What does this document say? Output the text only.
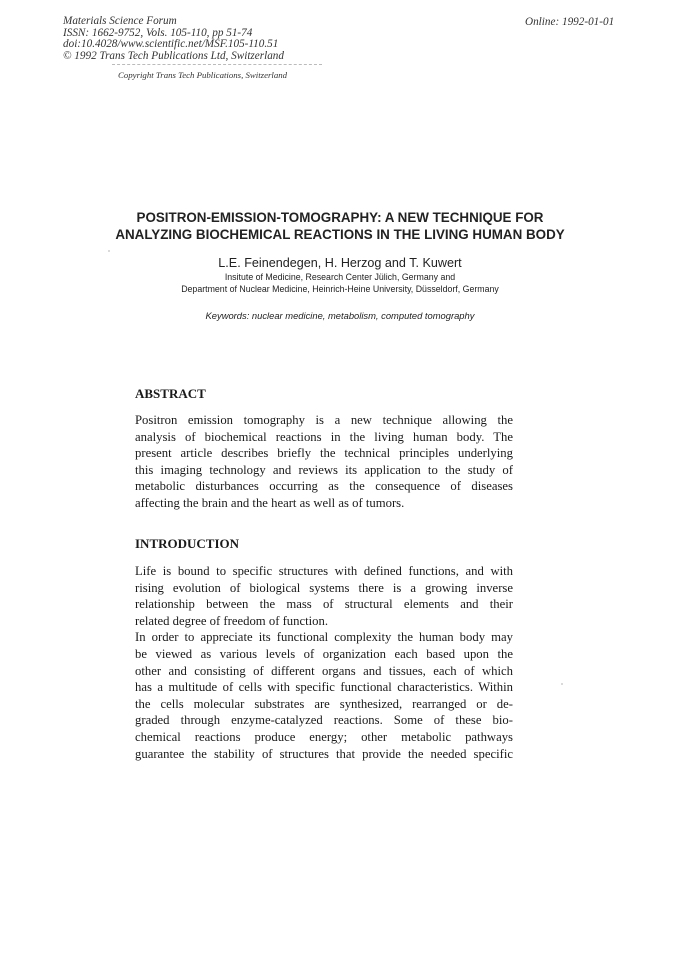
Materials Science Forum
ISSN: 1662-9752, Vols. 105-110, pp 51-74
doi:10.4028/www.scientific.net/MSF.105-110.51
© 1992 Trans Tech Publications Ltd, Switzerland
Online: 1992-01-01
Copyright Trans Tech Publications, Switzerland
POSITRON-EMISSION-TOMOGRAPHY: A NEW TECHNIQUE FOR
ANALYZING BIOCHEMICAL REACTIONS IN THE LIVING HUMAN BODY
L.E. Feinendegen, H. Herzog and T. Kuwert
Insitute of Medicine, Research Center Jülich, Germany and
Department of Nuclear Medicine, Heinrich-Heine University, Düsseldorf, Germany
Keywords: nuclear medicine, metabolism, computed tomography
ABSTRACT
Positron emission tomography is a new technique allowing the
analysis of biochemical reactions in the living human body. The
present article describes briefly the technical principles underlying
this imaging technology and reviews its application to the study of
metabolic disturbances occurring as the consequence of diseases
affecting the brain and the heart as well as of tumors.
INTRODUCTION
Life is bound to specific structures with defined functions, and with
rising evolution of biological systems there is a growing inverse
relationship between the mass of structural elements and their
related degree of freedom of function.
In order to appreciate its functional complexity the human body may
be viewed as various levels of organization each based upon the
other and consisting of different organs and tissues, each of which
has a multitude of cells with specific functional characteristics. Within
the cells molecular substrates are synthesized, rearranged or de-
graded through enzyme-catalyzed reactions. Some of these bio-
chemical reactions produce energy; other metabolic pathways
guarantee the stability of structures that provide the needed specific
